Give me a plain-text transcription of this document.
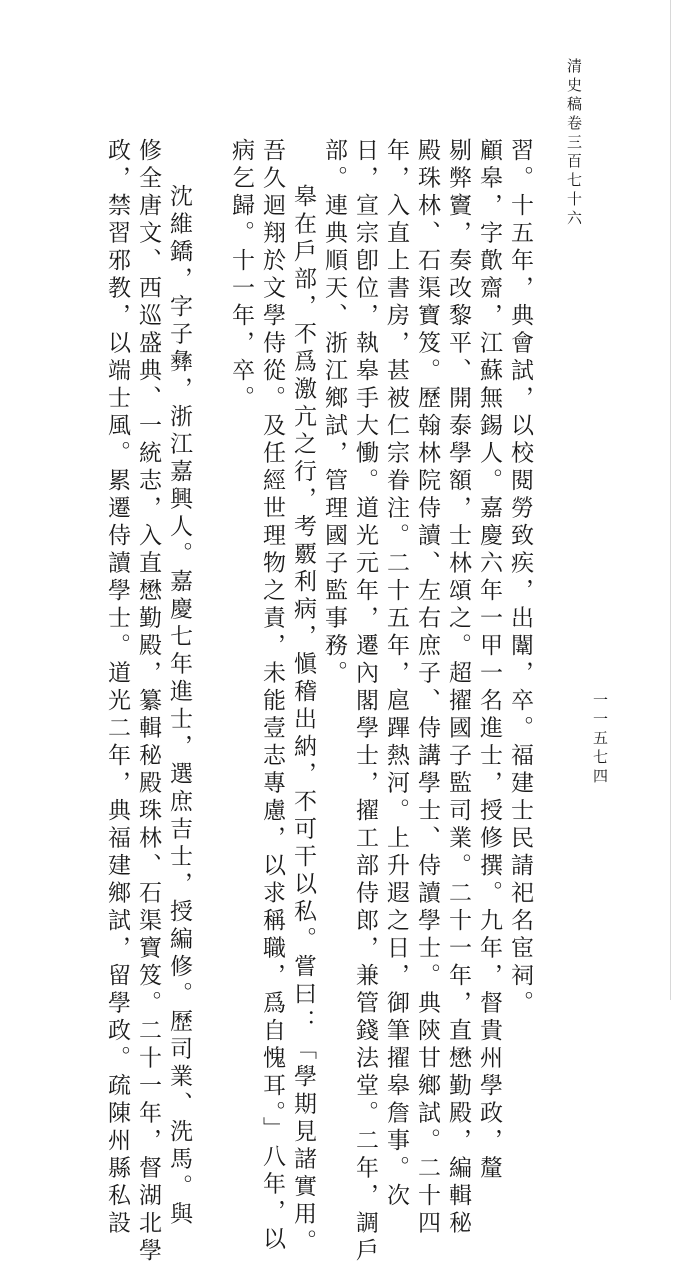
清史稿卷三百七十六
一一五七四
習。十五年，典會試，以校閱勞致疾，出闈，卒。福建士民請祀名宦祠。
顧皋，字歕齋，江蘇無錫人。嘉慶六年一甲一名進士，授修撰。九年，督貴州學政，釐
剔弊竇，奏改黎平、開泰學額，士林頌之。超擢國子監司業。二十一年，直懋勤殿，編輯秘
殿珠林、石渠寶笈。歷翰林院侍讀、左右庶子、侍講學士、侍讀學士。典陝甘鄉試。二十四
年，入直上書房，甚被仁宗眷注。二十五年，扈蹕熱河。上升遐之日，御筆擢皋詹事。次
日，宣宗卽位，執皋手大慟。道光元年，遷內閣學士，擢工部侍郎，兼管錢法堂。二年，調戶
部。連典順天、浙江鄉試，管理國子監事務。
皋在戶部，不爲激亢之行，考覈利病，愼稽出納，不可干以私。嘗曰：「學期見諸實用。
吾久迴翔於文學侍從。及任經世理物之責，未能壹志專慮，以求稱職，爲自愧耳。」八年，以
病乞歸。十一年，卒。
沈維鐈，字子彝，浙江嘉興人。嘉慶七年進士，選庶吉士，授編修。歷司業、洗馬。與
修全唐文、西巡盛典、一統志，入直懋勤殿，纂輯秘殿珠林、石渠寶笈。二十一年，督湖北學
政，禁習邪教，以端士風。累遷侍讀學士。道光二年，典福建鄉試，留學政。疏陳州縣私設
